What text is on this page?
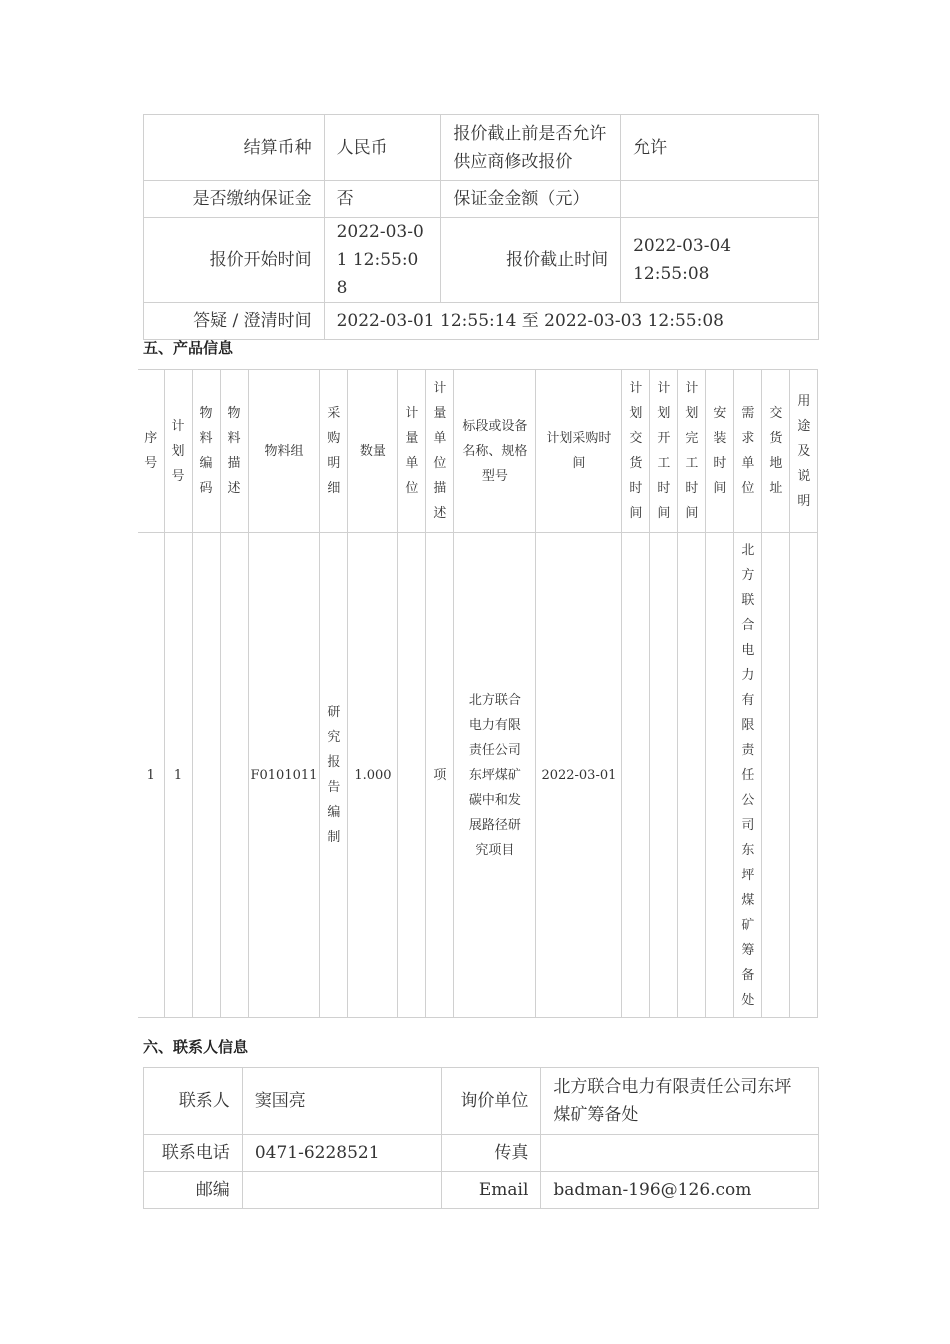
结算币种	人民币	报价截止前是否允许 供应商修改报价	允许
是否缴纳保证金	否	保证金金额（元）	
报价开始时间	2022-03-01 12:55:08	报价截止时间	2022-03-04 12:55:08
答疑 / 澄清时间	2022-03-01 12:55:14 至 2022-03-03 12:55:08		
五、产品信息
序号	计划号	物料编码	物料描述	物料组	采购明细	数量	计量单位	计量单位描述	标段或设备名称、规格型号	计划采购时间	计划交货时间	计划开工时间	计划完工时间	安装时间	需求单位	交货地址	用途及说明
1	1			F0101011	研究报告编制	1.000		项	北方联合电力有限责任公司东坪煤矿碳中和发展路径研究项目	2022-03-01					北方联合电力有限责任公司东坪煤矿筹备处		
六、联系人信息
联系人	窦国亮	询价单位	北方联合电力有限责任公司东坪煤矿筹备处
联系电话	0471-6228521	传真	
邮编		Email	badman-196@126.com
